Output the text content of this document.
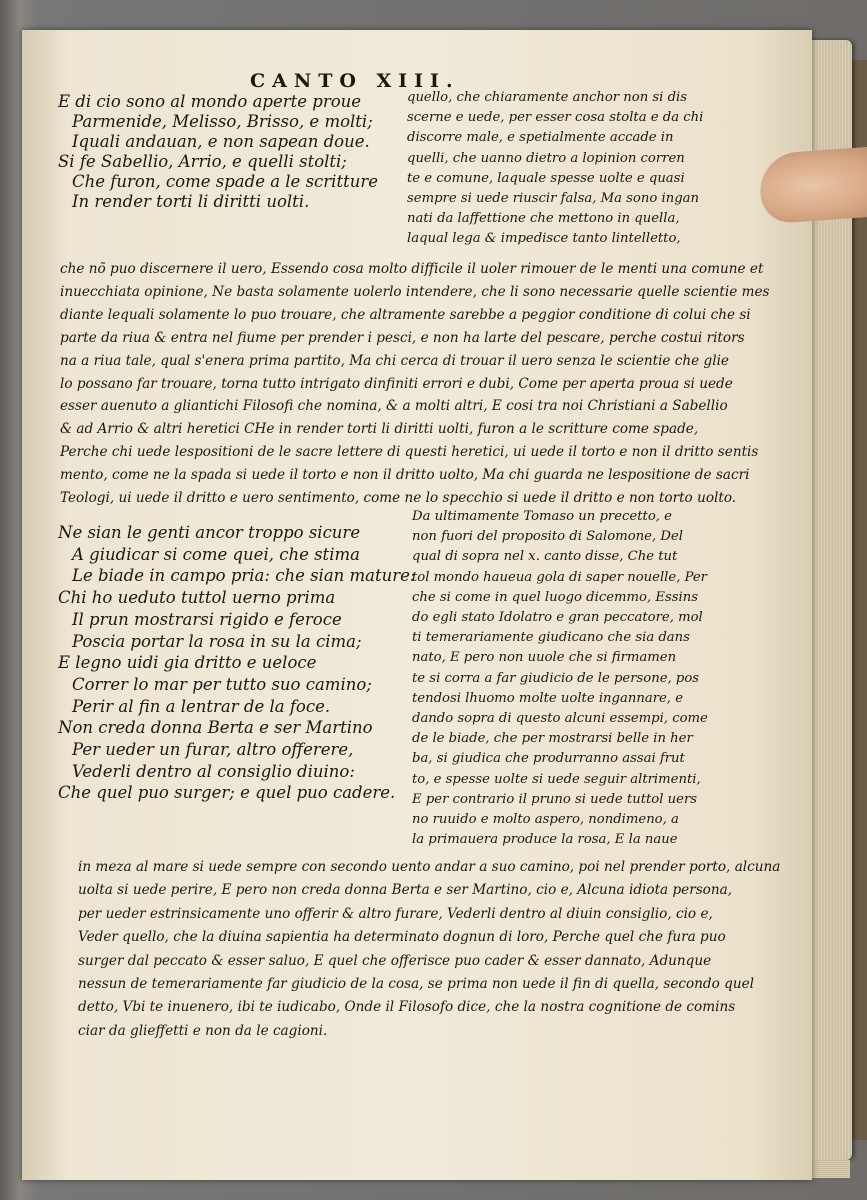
CANTO XIII.
E di cio sono al mondo aperte proue
Parmenide, Melisso, Brisso, e molti;
Iquali andauan, e non sapean doue.
Si fe Sabellio, Arrio, e quelli stolti;
Che furon, come spade a le scritture
In render torti li diritti uolti.
quello, che chiaramente anchor non si dis
scerne e uede, per esser cosa stolta e da chi
discorre male, e spetialmente accade in
quelli, che uanno dietro a lopinion corren
te e comune, laquale spesse uolte e quasi
sempre si uede riuscir falsa, Ma sono ingan
nati da laffettione che mettono in quella,
laqual lega & impedisce tanto lintelletto,
che nõ puo discernere il uero, Essendo cosa molto difficile il uoler rimouer de le menti una comune et
inuecchiata opinione, Ne basta solamente uolerlo intendere, che li sono necessarie quelle scientie mes
diante lequali solamente lo puo trouare, che altramente sarebbe a peggior conditione di colui che si
parte da riua & entra nel fiume per prender i pesci, e non ha larte del pescare, perche costui ritors
na a riua tale, qual s'enera prima partito, Ma chi cerca di trouar il uero senza le scientie che glie
lo possano far trouare, torna tutto intrigato dinfiniti errori e dubi, Come per aperta proua si uede
esser auenuto a gliantichi Filosofi che nomina, & a molti altri, E cosi tra noi Christiani a Sabellio
& ad Arrio & altri heretici CHe in render torti li diritti uolti, furon a le scritture come spade,
Perche chi uede lespositioni de le sacre lettere di questi heretici, ui uede il torto e non il dritto sentis
mento, come ne la spada si uede il torto e non il dritto uolto, Ma chi guarda ne lespositione de sacri
Teologi, ui uede il dritto e uero sentimento, come ne lo specchio si uede il dritto e non torto uolto.
Ne sian le genti ancor troppo sicure
A giudicar si come quei, che stima
Le biade in campo pria: che sian mature:
Chi ho ueduto tuttol uerno prima
Il prun mostrarsi rigido e feroce
Poscia portar la rosa in su la cima;
E legno uidi gia dritto e ueloce
Correr lo mar per tutto suo camino;
Perir al fin a lentrar de la foce.
Non creda donna Berta e ser Martino
Per ueder un furar, altro offerere,
Vederli dentro al consiglio diuino:
Che quel puo surger; e quel puo cadere.
Da ultimamente Tomaso un precetto, e
non fuori del proposito di Salomone, Del
qual di sopra nel x. canto disse, Che tut
tol mondo haueua gola di saper nouelle, Per
che si come in quel luogo dicemmo, Essins
do egli stato Idolatro e gran peccatore, mol
ti temerariamente giudicano che sia dans
nato, E pero non uuole che si firmamen
te si corra a far giudicio de le persone, pos
tendosi lhuomo molte uolte ingannare, e
dando sopra di questo alcuni essempi, come
de le biade, che per mostrarsi belle in her
ba, si giudica che produrranno assai frut
to, e spesse uolte si uede seguir altrimenti,
E per contrario il pruno si uede tuttol uers
no ruuido e molto aspero, nondimeno, a
la primauera produce la rosa, E la naue
in meza al mare si uede sempre con secondo uento andar a suo camino, poi nel prender porto, alcuna
uolta si uede perire, E pero non creda donna Berta e ser Martino, cio e, Alcuna idiota persona,
per ueder estrinsicamente uno offerir & altro furare, Vederli dentro al diuin consiglio, cio e,
Veder quello, che la diuina sapientia ha determinato dognun di loro, Perche quel che fura puo
surger dal peccato & esser saluo, E quel che offerisce puo cader & esser dannato, Adunque
nessun de temerariamente far giudicio de la cosa, se prima non uede il fin di quella, secondo quel
detto, Vbi te inuenero, ibi te iudicabo, Onde il Filosofo dice, che la nostra cognitione de comins
ciar da glieffetti e non da le cagioni.
